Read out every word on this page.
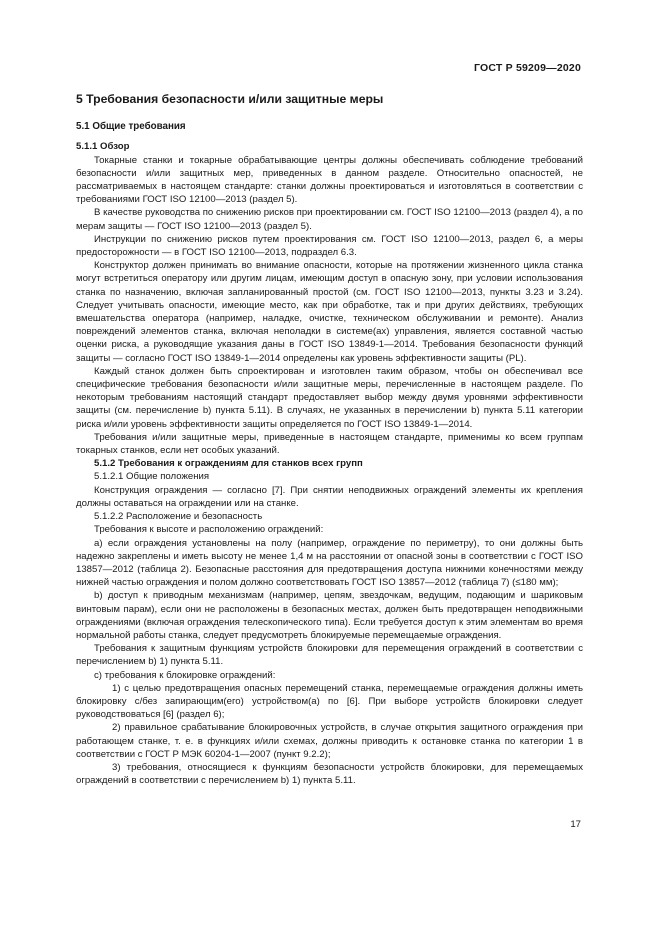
ГОСТ Р 59209—2020
5 Требования безопасности и/или защитные меры
5.1 Общие требования
5.1.1 Обзор

Токарные станки и токарные обрабатывающие центры должны обеспечивать соблюдение требований безопасности и/или защитных мер, приведенных в данном разделе. Относительно опасностей, не рассматриваемых в настоящем стандарте: станки должны проектироваться и изготовляться в соответствии с требованиями ГОСТ ISO 12100—2013 (раздел 5).

В качестве руководства по снижению рисков при проектировании см. ГОСТ ISO 12100—2013 (раздел 4), а по мерам защиты — ГОСТ ISO 12100—2013 (раздел 5).

Инструкции по снижению рисков путем проектирования см. ГОСТ ISO 12100—2013, раздел 6, а меры предосторожности — в ГОСТ ISO 12100—2013, подраздел 6.3.

Конструктор должен принимать во внимание опасности, которые на протяжении жизненного цикла станка могут встретиться оператору или другим лицам, имеющим доступ в опасную зону, при условии использования станка по назначению, включая запланированный простой (см. ГОСТ ISO 12100—2013, пункты 3.23 и 3.24). Следует учитывать опасности, имеющие место, как при обработке, так и при других действиях, требующих вмешательства оператора (например, наладке, очистке, техническом обслуживании и ремонте). Анализ повреждений элементов станка, включая неполадки в системе(ах) управления, является составной частью оценки риска, а руководящие указания даны в ГОСТ ISO 13849-1—2014. Требования безопасности функций защиты — согласно ГОСТ ISO 13849-1—2014 определены как уровень эффективности защиты (PL).

Каждый станок должен быть спроектирован и изготовлен таким образом, чтобы он обеспечивал все специфические требования безопасности и/или защитные меры, перечисленные в настоящем разделе. По некоторым требованиям настоящий стандарт предоставляет выбор между двумя уровнями эффективности защиты (см. перечисление b) пункта 5.11). В случаях, не указанных в перечислении b) пункта 5.11 категории риска и/или уровень эффективности защиты определяется по ГОСТ ISO 13849-1—2014.

Требования и/или защитные меры, приведенные в настоящем стандарте, применимы ко всем группам токарных станков, если нет особых указаний.

5.1.2 Требования к ограждениям для станков всех групп

5.1.2.1 Общие положения

Конструкция ограждения — согласно [7]. При снятии неподвижных ограждений элементы их крепления должны оставаться на ограждении или на станке.

5.1.2.2 Расположение и безопасность

Требования к высоте и расположению ограждений:

а) если ограждения установлены на полу (например, ограждение по периметру), то они должны быть надежно закреплены и иметь высоту не менее 1,4 м на расстоянии от опасной зоны в соответствии с ГОСТ ISO 13857—2012 (таблица 2). Безопасные расстояния для предотвращения доступа нижними конечностями между нижней частью ограждения и полом должно соответствовать ГОСТ ISO 13857—2012 (таблица 7) (≤180 мм);

b) доступ к приводным механизмам (например, цепям, звездочкам, ведущим, подающим и шариковым винтовым парам), если они не расположены в безопасных местах, должен быть предотвращен неподвижными ограждениями (включая ограждения телескопического типа). Если требуется доступ к этим элементам во время нормальной работы станка, следует предусмотреть блокируемые перемещаемые ограждения.

Требования к защитным функциям устройств блокировки для перемещения ограждений в соответствии с перечислением b) 1) пункта 5.11.

c) требования к блокировке ограждений:

1) с целью предотвращения опасных перемещений станка, перемещаемые ограждения должны иметь блокировку с/без запирающим(его) устройством(а) по [6]. При выборе устройств блокировки следует руководствоваться [6] (раздел 6);

2) правильное срабатывание блокировочных устройств, в случае открытия защитного ограждения при работающем станке, т. е. в функциях и/или схемах, должны приводить к остановке станка по категории 1 в соответствии с ГОСТ Р МЭК 60204-1—2007 (пункт 9.2.2);

3) требования, относящиеся к функциям безопасности устройств блокировки, для перемещаемых ограждений в соответствии с перечислением b) 1) пункта 5.11.

17
